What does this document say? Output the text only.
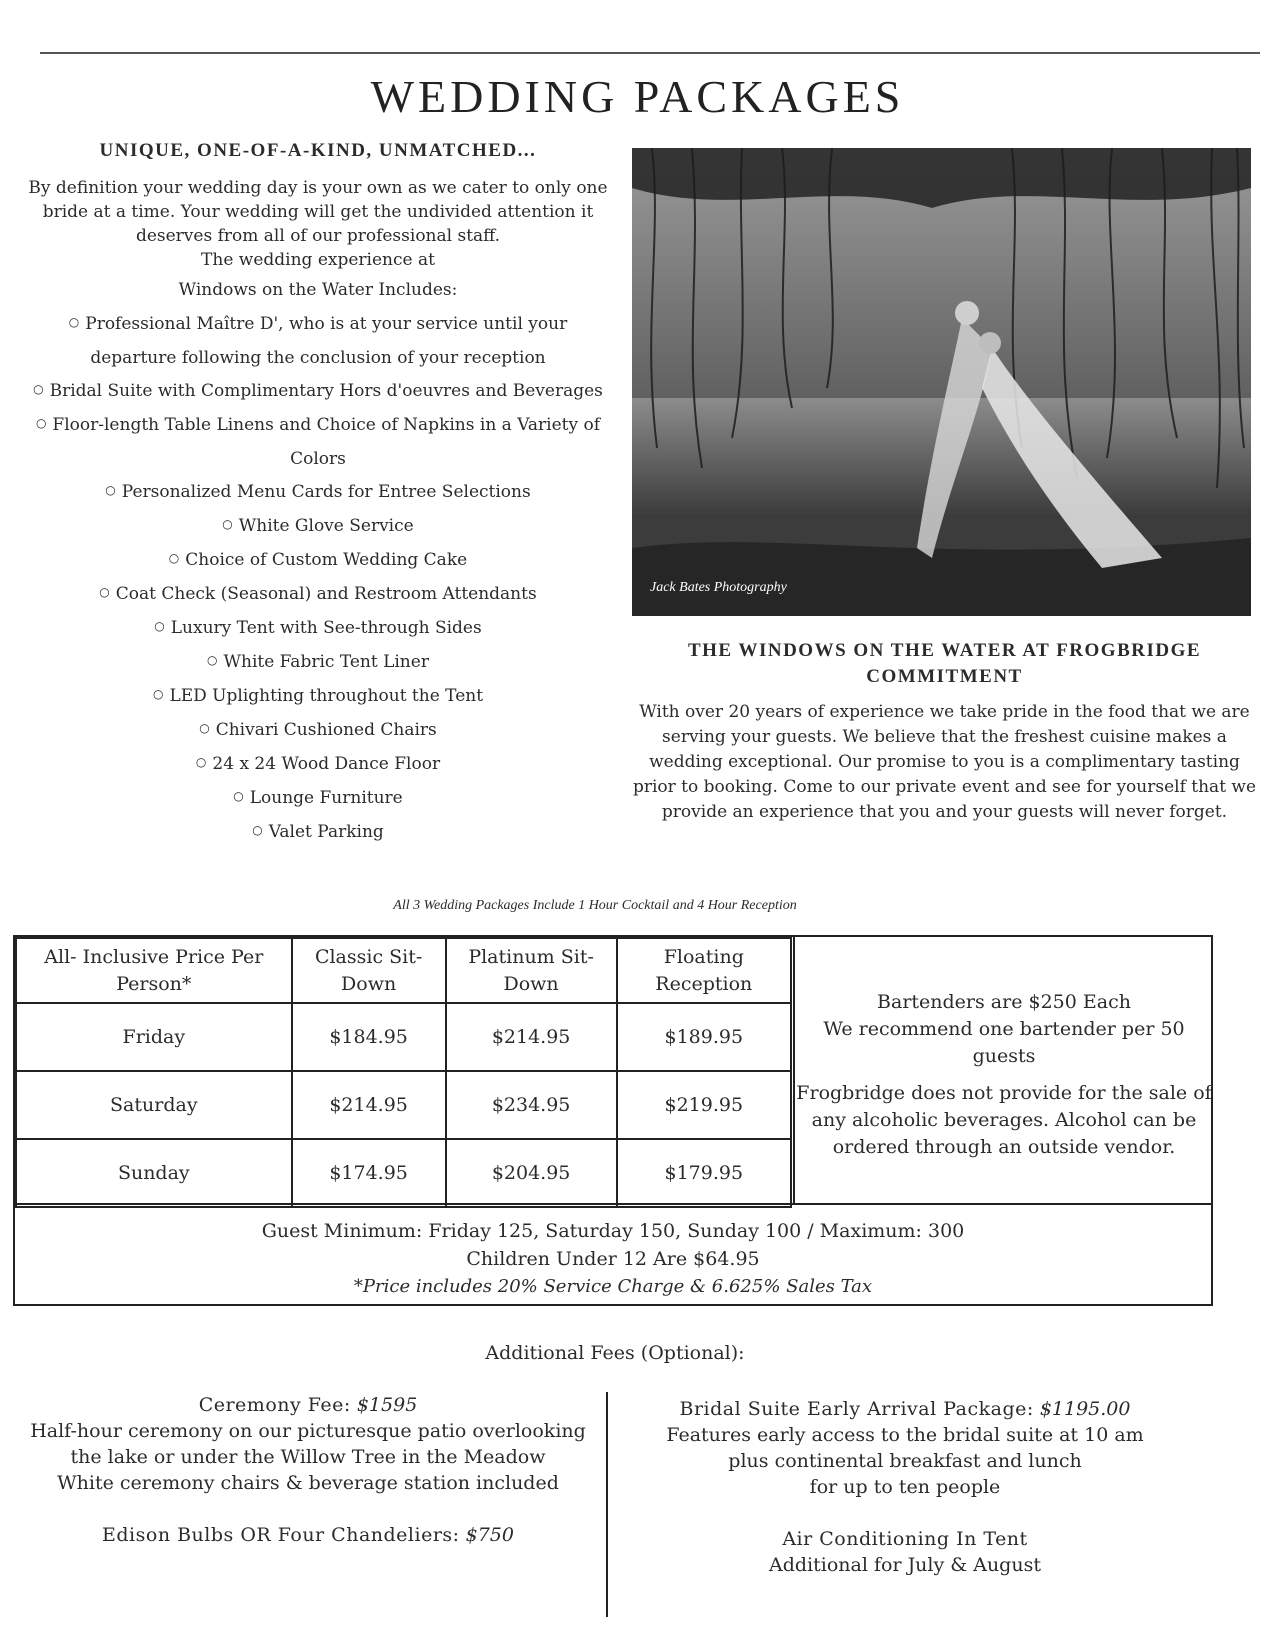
WEDDING PACKAGES
UNIQUE, ONE-OF-A-KIND, UNMATCHED...

By definition your wedding day is your own as we cater to only one bride at a time. Your wedding will get the undivided attention it deserves from all of our professional staff.

The wedding experience at
Windows on the Water Includes:
○ Professional Maître D', who is at your service until your departure following the conclusion of your reception
○ Bridal Suite with Complimentary Hors d'oeuvres and Beverages
○ Floor-length Table Linens and Choice of Napkins in a Variety of Colors
○ Personalized Menu Cards for Entree Selections
○ White Glove Service
○ Choice of Custom Wedding Cake
○ Coat Check (Seasonal) and Restroom Attendants
○ Luxury Tent with See-through Sides
○ White Fabric Tent Liner
○ LED Uplighting throughout the Tent
○ Chivari Cushioned Chairs
○ 24 x 24 Wood Dance Floor
○ Lounge Furniture
○ Valet Parking
Jack Bates Photography
THE WINDOWS ON THE WATER AT FROGBRIDGE COMMITMENT

With over 20 years of experience we take pride in the food that we are serving your guests. We believe that the freshest cuisine makes a wedding exceptional. Our promise to you is a complimentary tasting prior to booking. Come to our private event and see for yourself that we provide an experience that you and your guests will never forget.

All 3 Wedding Packages Include 1 Hour Cocktail and 4 Hour Reception
All- Inclusive Price Per Person*	Classic Sit-Down	Platinum Sit-Down	Floating Reception
Friday	$184.95	$214.95	$189.95
Saturday	$214.95	$234.95	$219.95
Sunday	$174.95	$204.95	$179.95
Bartenders are $250 Each
We recommend one bartender per 50 guests
Frogbridge does not provide for the sale of any alcoholic beverages. Alcohol can be ordered through an outside vendor.
Guest Minimum: Friday 125, Saturday 150, Sunday 100 / Maximum: 300
Children Under 12 Are $64.95
*Price includes 20% Service Charge & 6.625% Sales Tax
Additional Fees (Optional):
Ceremony Fee: $1595
Half-hour ceremony on our picturesque patio overlooking
the lake or under the Willow Tree in the Meadow
White ceremony chairs & beverage station included
Edison Bulbs OR Four Chandeliers: $750
Bridal Suite Early Arrival Package: $1195.00
Features early access to the bridal suite at 10 am
plus continental breakfast and lunch
for up to ten people
Air Conditioning In Tent
Additional for July & August
